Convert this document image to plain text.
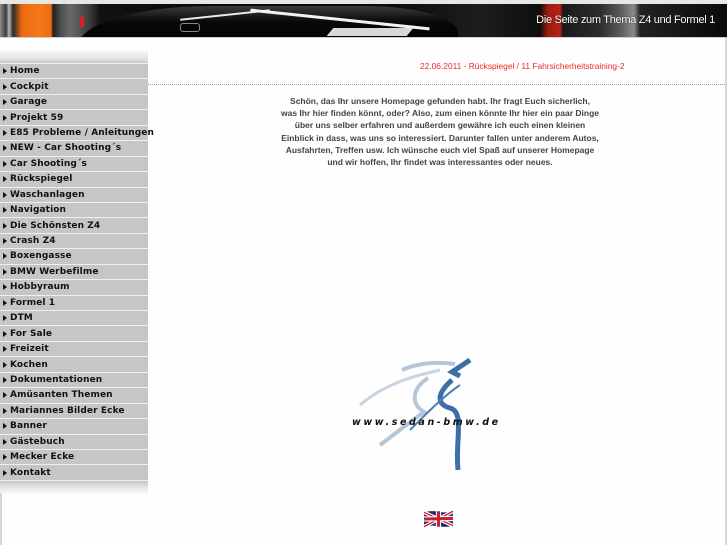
Die Seite zum Thema Z4 und Formel 1
Home
Cockpit
Garage
Projekt 59
E85 Probleme / Anleitungen
NEW - Car Shooting´s
Car Shooting´s
Rückspiegel
Waschanlagen
Navigation
Die Schönsten Z4
Crash Z4
Boxengasse
BMW Werbefilme
Hobbyraum
Formel 1
DTM
For Sale
Freizeit
Kochen
Dokumentationen
Amüsanten Themen
Mariannes Bilder Ecke
Banner
Gästebuch
Mecker Ecke
Kontakt
22.06.2011 - Rückspiegel / 11 Fahrsicherheitstraining-2
Schön, das Ihr unsere Homepage gefunden habt. Ihr fragt Euch sicherlich,
was Ihr hier finden könnt, oder? Also, zum einen könnte Ihr hier ein paar Dinge
über uns selber erfahren und außerdem gewähre ich euch einen kleinen
Einblick in dass, was uns so interessiert. Darunter fallen unter anderem Autos,
Ausfahrten, Treffen usw. Ich wünsche euch viel Spaß auf unserer Homepage
und wir hoffen, Ihr findet was interessantes oder neues.
www.sedan-bmw.de
